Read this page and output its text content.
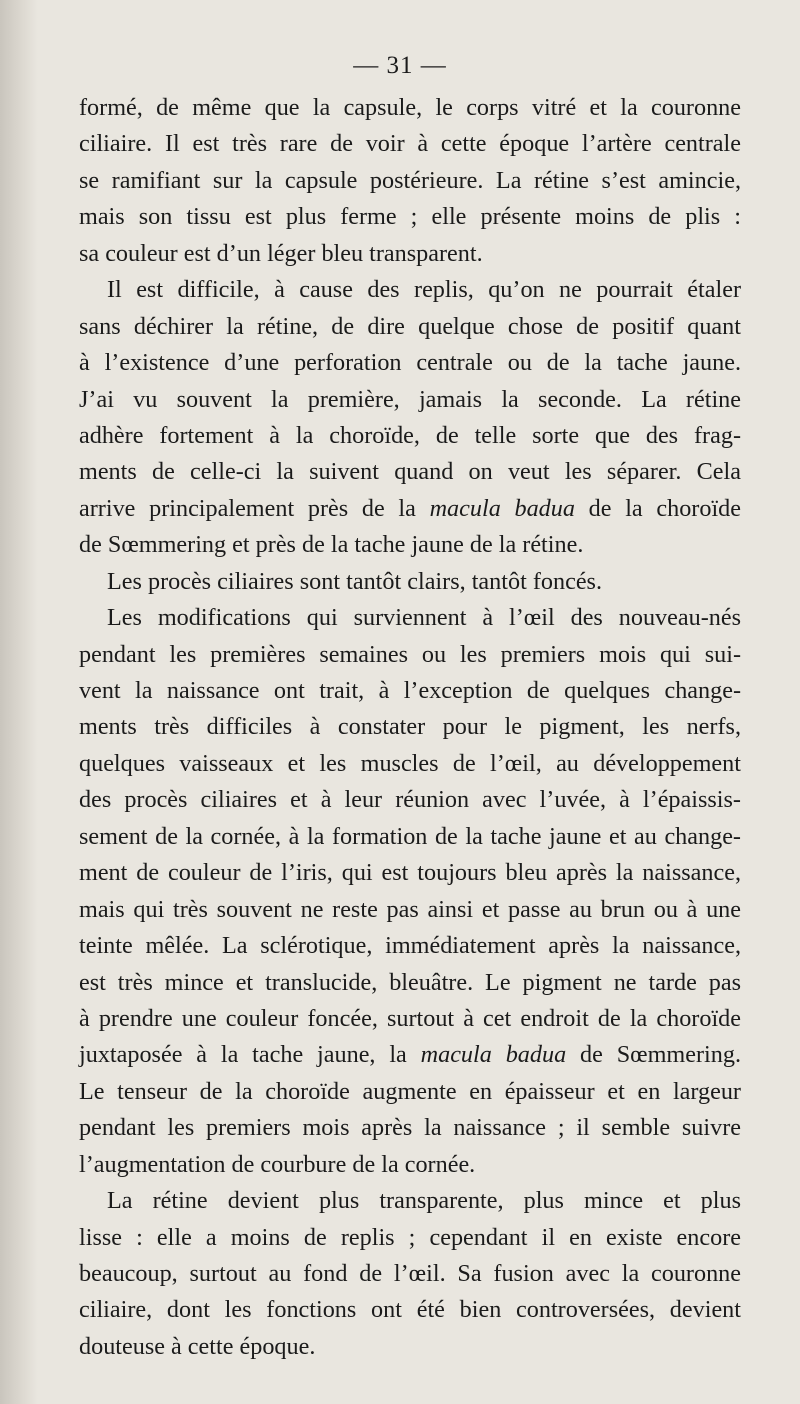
— 31 —
formé, de même que la capsule, le corps vitré et la couronne
ciliaire. Il est très rare de voir à cette époque l’artère centrale
se ramifiant sur la capsule postérieure. La rétine s’est amincie,
mais son tissu est plus ferme ; elle présente moins de plis :
sa couleur est d’un léger bleu transparent.
Il est difficile, à cause des replis, qu’on ne pourrait étaler
sans déchirer la rétine, de dire quelque chose de positif quant
à l’existence d’une perforation centrale ou de la tache jaune.
J’ai vu souvent la première, jamais la seconde. La rétine
adhère fortement à la choroïde, de telle sorte que des frag-
ments de celle-ci la suivent quand on veut les séparer. Cela
arrive principalement près de la macula badua de la choroïde
de Sœmmering et près de la tache jaune de la rétine.
Les procès ciliaires sont tantôt clairs, tantôt foncés.
Les modifications qui surviennent à l’œil des nouveau-nés
pendant les premières semaines ou les premiers mois qui sui-
vent la naissance ont trait, à l’exception de quelques change-
ments très difficiles à constater pour le pigment, les nerfs,
quelques vaisseaux et les muscles de l’œil, au développement
des procès ciliaires et à leur réunion avec l’uvée, à l’épaissis-
sement de la cornée, à la formation de la tache jaune et au change-
ment de couleur de l’iris, qui est toujours bleu après la naissance,
mais qui très souvent ne reste pas ainsi et passe au brun ou à une
teinte mêlée. La sclérotique, immédiatement après la naissance,
est très mince et translucide, bleuâtre. Le pigment ne tarde pas
à prendre une couleur foncée, surtout à cet endroit de la choroïde
juxtaposée à la tache jaune, la macula badua de Sœmmering.
Le tenseur de la choroïde augmente en épaisseur et en largeur
pendant les premiers mois après la naissance ; il semble suivre
l’augmentation de courbure de la cornée.
La rétine devient plus transparente, plus mince et plus
lisse : elle a moins de replis ; cependant il en existe encore
beaucoup, surtout au fond de l’œil. Sa fusion avec la couronne
ciliaire, dont les fonctions ont été bien controversées, devient
douteuse à cette époque.
